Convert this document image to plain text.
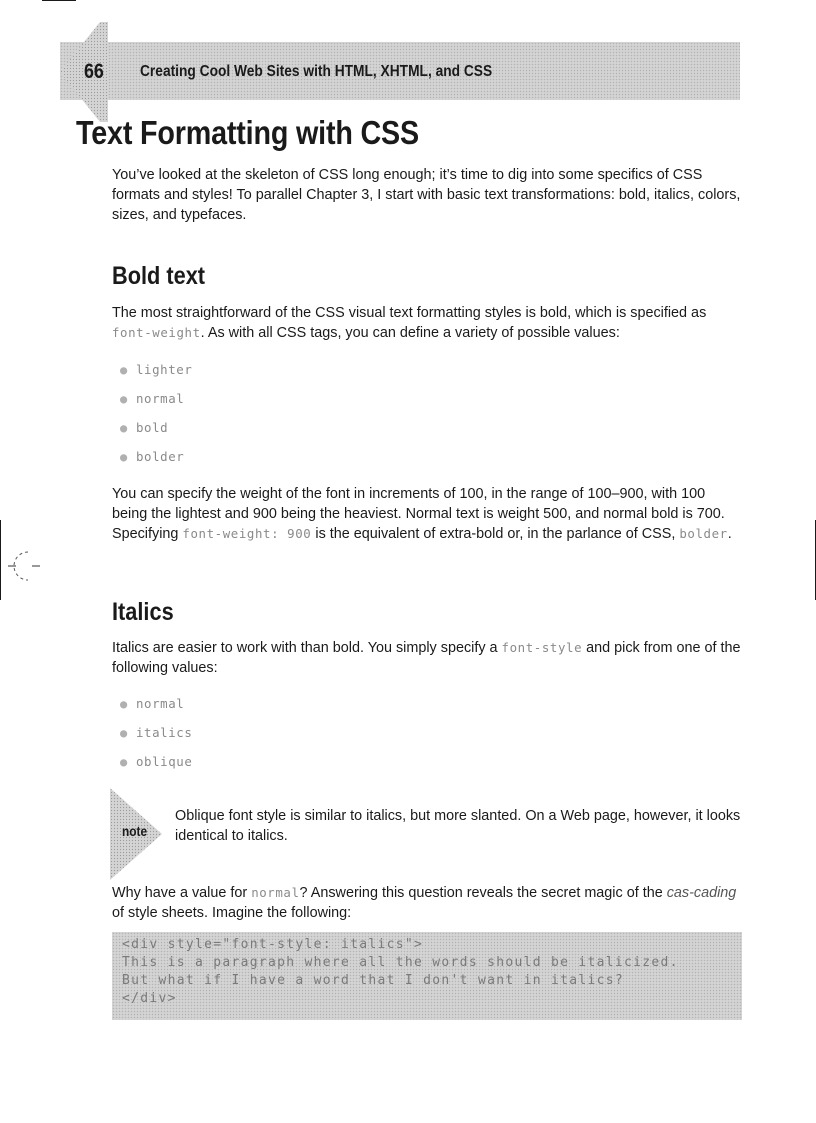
66 Creating Cool Web Sites with HTML, XHTML, and CSS
Text Formatting with CSS

You’ve looked at the skeleton of CSS long enough; it’s time to dig into some specifics of CSS formats and styles! To parallel Chapter 3, I start with basic text transformations: bold, italics, colors, sizes, and typefaces.

Bold text

The most straightforward of the CSS visual text formatting styles is bold, which is specified as font-weight. As with all CSS tags, you can define a variety of possible values:

● lighter
● normal
● bold
● bolder

You can specify the weight of the font in increments of 100, in the range of 100–900, with 100 being the lightest and 900 being the heaviest. Normal text is weight 500, and normal bold is 700. Specifying font-weight: 900 is the equivalent of extra-bold or, in the parlance of CSS, bolder.

Italics

Italics are easier to work with than bold. You simply specify a font-style and pick from one of the following values:

● normal
● italics
● oblique
note

Oblique font style is similar to italics, but more slanted. On a Web page, however, it looks identical to italics.

Why have a value for normal? Answering this question reveals the secret magic of the cas-cading of style sheets. Imagine the following:

<div style="font-style: italics">
This is a paragraph where all the words should be italicized.
But what if I have a word that I don't want in italics?
</div>
